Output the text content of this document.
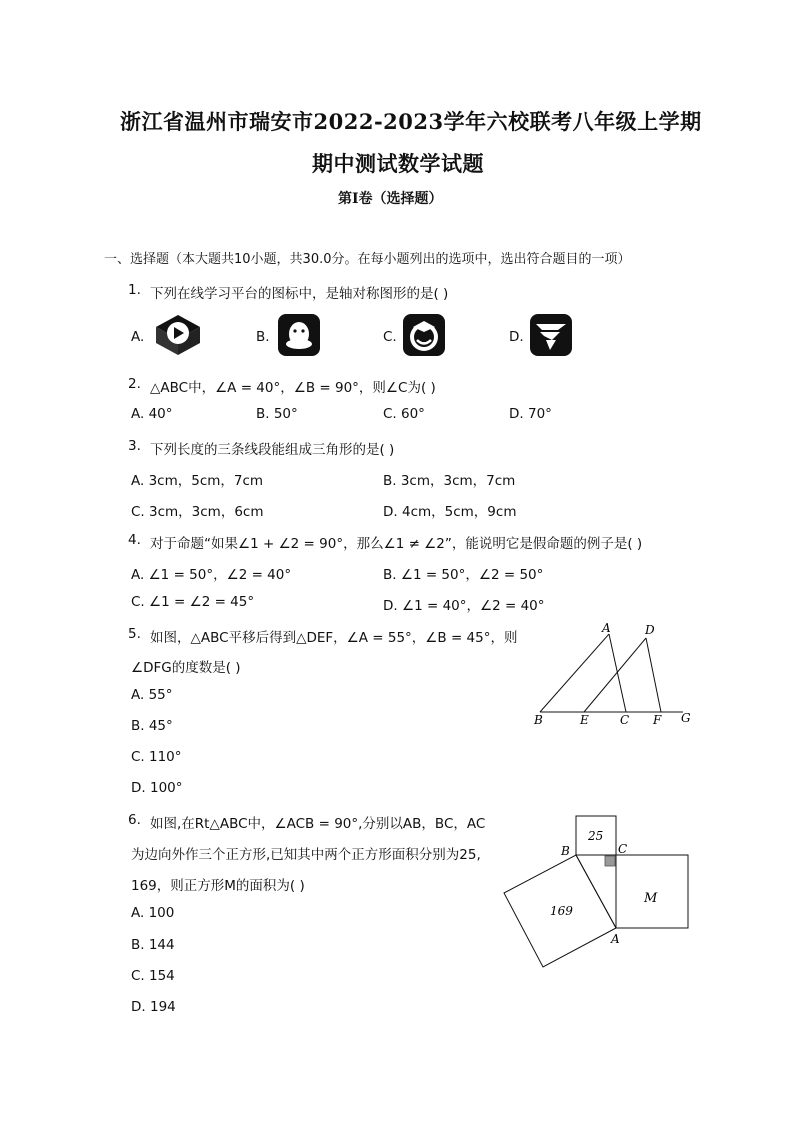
浙江省温州市瑞安市2022-2023学年六校联考八年级上学期
期中测试数学试题
第Ⅰ卷（选择题）
一、选择题（本大题共10小题，共30.0分。在每小题列出的选项中，选出符合题目的一项）
1. 下列在线学习平台的图标中，是轴对称图形的是( )
A.	B.	C.	D.
2. △ABC中，∠A = 40°，∠B = 90°，则∠C为( )
A. 40°	B. 50°	C. 60°	D. 70°
3. 下列长度的三条线段能组成三角形的是( )
A. 3cm，5cm，7cm	B. 3cm，3cm，7cm
C. 3cm，3cm，6cm	D. 4cm，5cm，9cm
4. 对于命题“如果∠1 + ∠2 = 90°，那么∠1 ≠ ∠2”，能说明它是假命题的例子是( )
A. ∠1 = 50°，∠2 = 40°	B. ∠1 = 50°，∠2 = 50°
C. ∠1 = ∠2 = 45°	D. ∠1 = 40°，∠2 = 40°
5. 如图，△ABC平移后得到△DEF，∠A = 55°，∠B = 45°，则
∠DFG的度数是( )
A. 55°
B. 45°
C. 110°
D. 100°
A	D
B	E	C F G
6. 如图,在Rt△ABC中，∠ACB = 90°,分别以AB，BC，AC
为边向外作三个正方形,已知其中两个正方形面积分别为25,
169，则正方形M的面积为( )
A. 100
B. 144
C. 154
D. 194
25
169
M
B	C
A
